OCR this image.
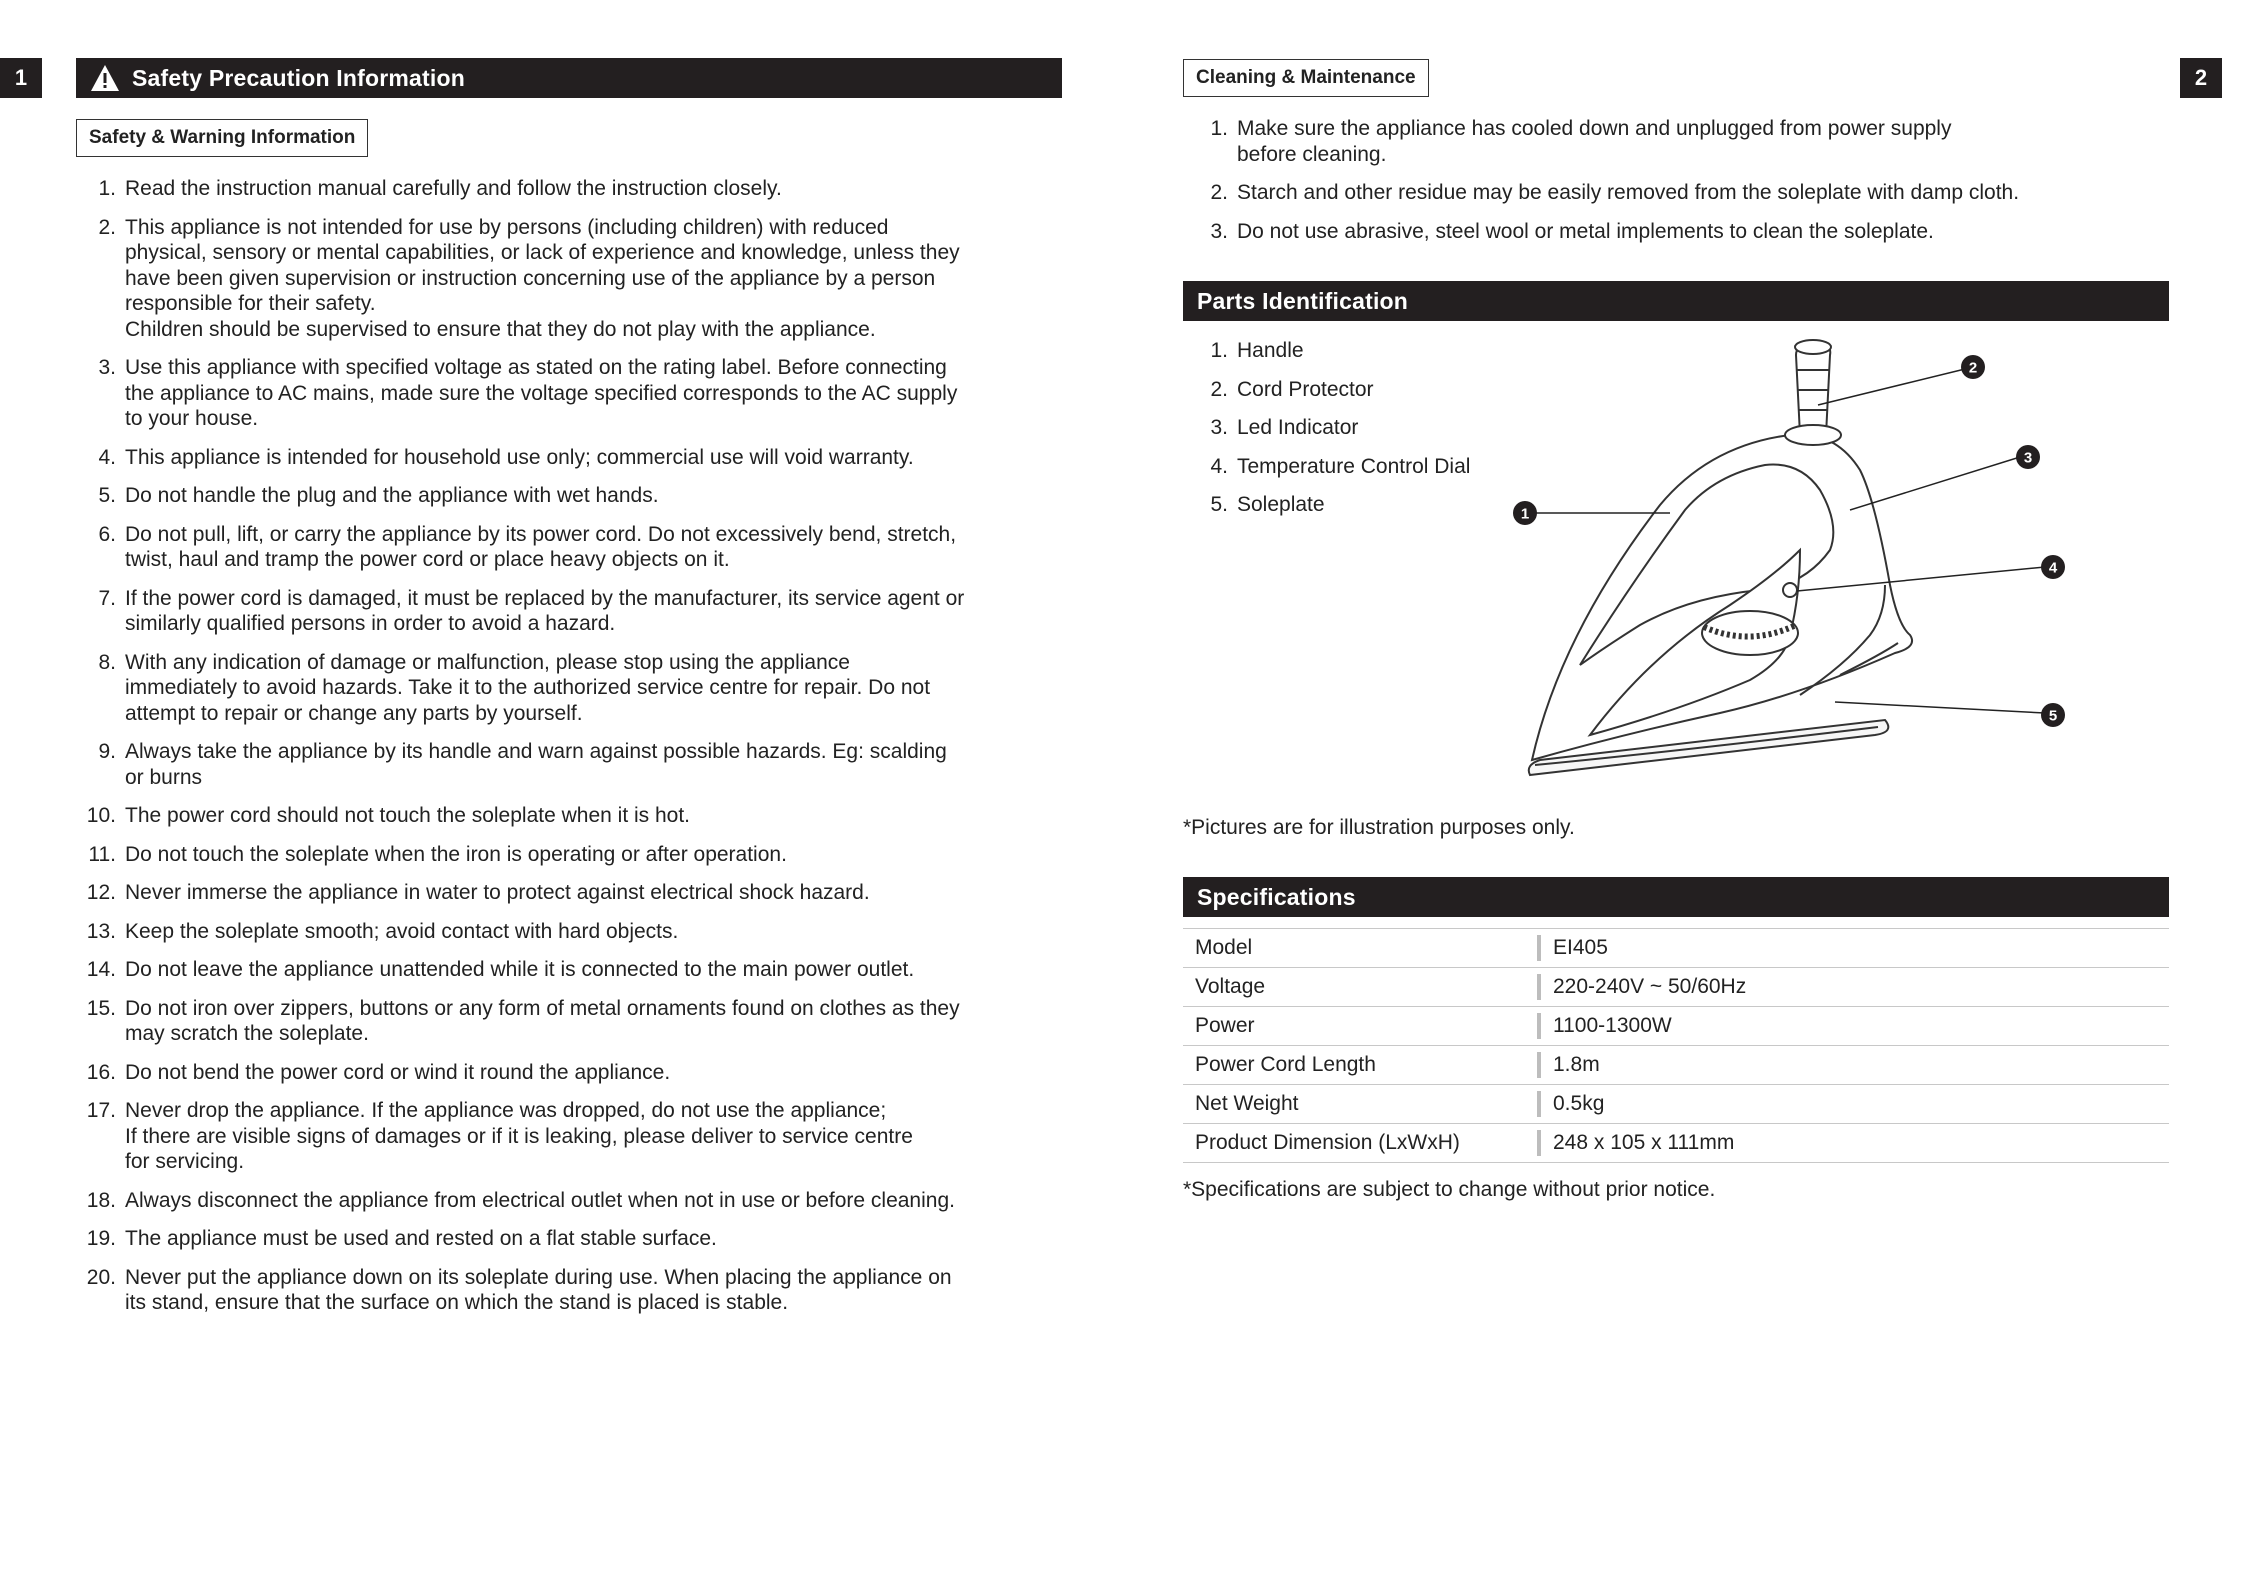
1	Safety Precaution Information
Safety & Warning Information
1. Read the instruction manual carefully and follow the instruction closely.
2. This appliance is not intended for use by persons (including children) with reduced
physical, sensory or mental capabilities, or lack of experience and knowledge, unless they
have been given supervision or instruction concerning use of the appliance by a person
responsible for their safety.
Children should be supervised to ensure that they do not play with the appliance.
3. Use this appliance with specified voltage as stated on the rating label. Before connecting
the appliance to AC mains, made sure the voltage specified corresponds to the AC supply
to your house.
4. This appliance is intended for household use only; commercial use will void warranty.
5. Do not handle the plug and the appliance with wet hands.
6. Do not pull, lift, or carry the appliance by its power cord. Do not excessively bend, stretch,
twist, haul and tramp the power cord or place heavy objects on it.
7. If the power cord is damaged, it must be replaced by the manufacturer, its service agent or
similarly qualified persons in order to avoid a hazard.
8. With any indication of damage or malfunction, please stop using the appliance
immediately to avoid hazards. Take it to the authorized service centre for repair. Do not
attempt to repair or change any parts by yourself.
9. Always take the appliance by its handle and warn against possible hazards. Eg: scalding
or burns
10. The power cord should not touch the soleplate when it is hot.
11. Do not touch the soleplate when the iron is operating or after operation.
12. Never immerse the appliance in water to protect against electrical shock hazard.
13. Keep the soleplate smooth; avoid contact with hard objects.
14. Do not leave the appliance unattended while it is connected to the main power outlet.
15. Do not iron over zippers, buttons or any form of metal ornaments found on clothes as they
may scratch the soleplate.
16. Do not bend the power cord or wind it round the appliance.
17. Never drop the appliance. If the appliance was dropped, do not use the appliance;
If there are visible signs of damages or if it is leaking, please deliver to service centre
for servicing.
18. Always disconnect the appliance from electrical outlet when not in use or before cleaning.
19. The appliance must be used and rested on a flat stable surface.
20. Never put the appliance down on its soleplate during use. When placing the appliance on
its stand, ensure that the surface on which the stand is placed is stable.
2
Cleaning & Maintenance
1. Make sure the appliance has cooled down and unplugged from power supply
before cleaning.
2. Starch and other residue may be easily removed from the soleplate with damp cloth.
3. Do not use abrasive, steel wool or metal implements to clean the soleplate.
Parts Identification
1. Handle
2. Cord Protector
3. Led Indicator
4. Temperature Control Dial
5. Soleplate
*Pictures are for illustration purposes only.
Specifications
Model		EI405
Voltage		220-240V ~ 50/60Hz
Power		1100-1300W
Power Cord Length		1.8m
Net Weight		0.5kg
Product Dimension (LxWxH)		248 x 105 x 111mm
*Specifications are subject to change without prior notice.
1
2
3
4
5
